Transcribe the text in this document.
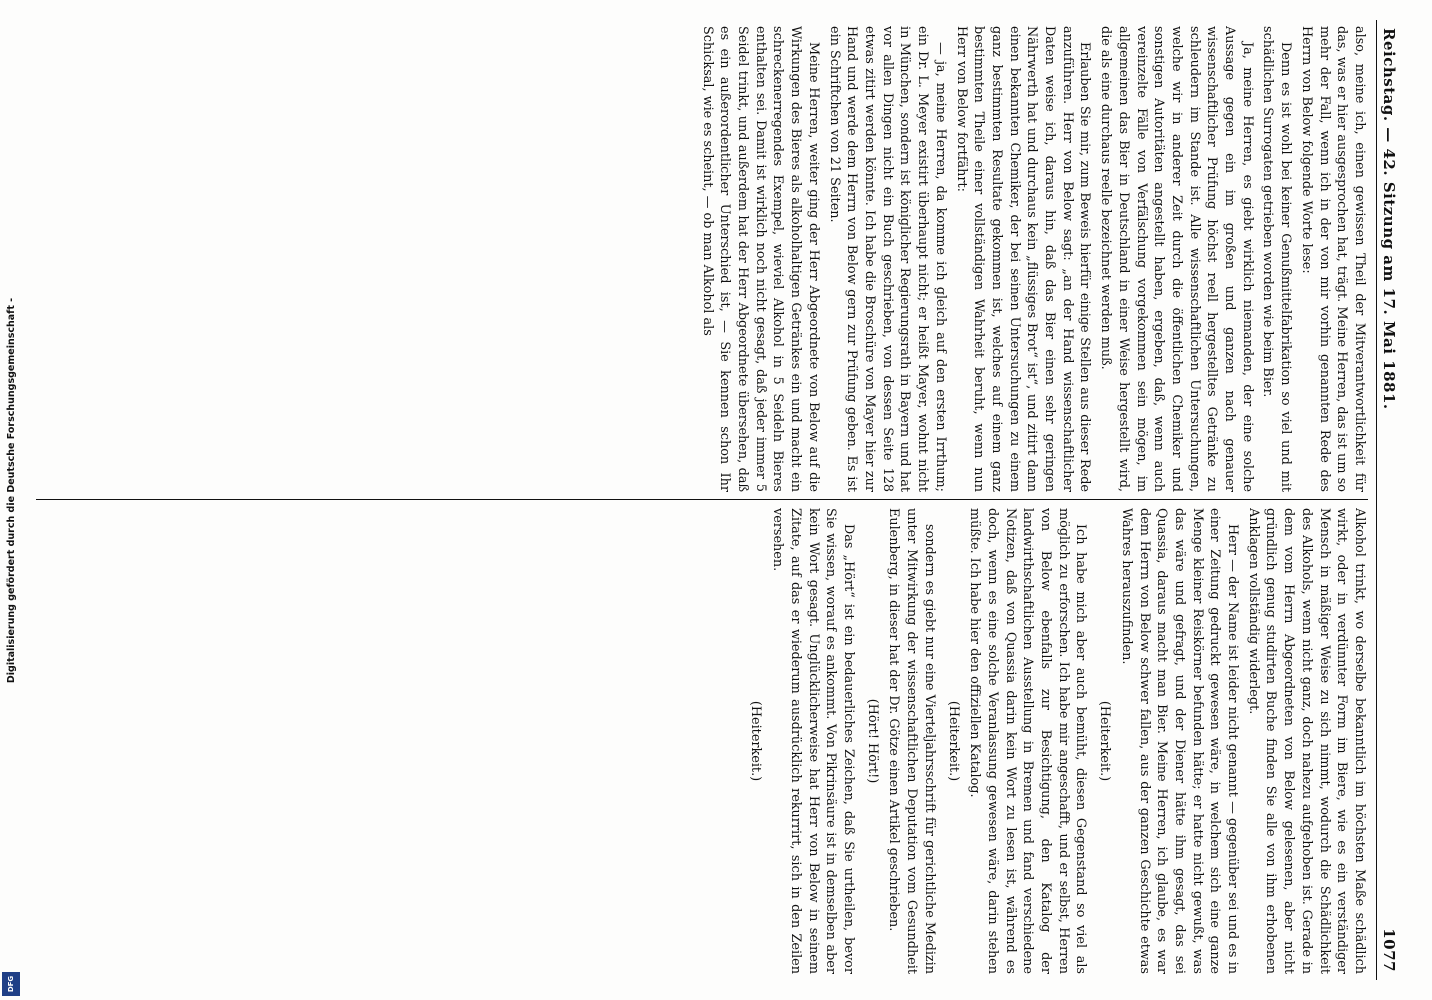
Reichstag. — 42. Sitzung am 17. Mai 1881.
1077

also, meine ich, einen gewissen Theil der Mitverantwortlichkeit für das, was er hier ausgesprochen hat, trägt. Meine Herren, das ist um so mehr der Fall, wenn ich in der von mir vorhin genannten Rede des Herrn von Below folgende Worte lese:

Denn es ist wohl bei keiner Genußmittelfabrikation so viel und mit schädlichen Surrogaten getrieben worden wie beim Bier.

Ja, meine Herren, es giebt wirklich niemanden, der eine solche Aussage gegen ein im großen und ganzen nach genauer wissenschaftlicher Prüfung höchst reell hergestelltes Getränke zu schleudern im Stande ist. Alle wissenschaftlichen Untersuchungen, welche wir in anderer Zeit durch die öffentlichen Chemiker und sonstigen Autoritäten angestellt haben, ergeben, daß, wenn auch vereinzelte Fälle von Verfälschung vorgekommen sein mögen, im allgemeinen das Bier in Deutschland in einer Weise hergestellt wird, die als eine durchaus reelle bezeichnet werden muß.

Erlauben Sie mir, zum Beweis hierfür einige Stellen aus dieser Rede anzuführen. Herr von Below sagt: „an der Hand wissenschaftlicher Daten weise ich, daraus hin, daß das Bier einen sehr geringen Nährwerth hat und durchaus kein „flüssiges Brot“ ist“, und zitirt dann einen bekannten Chemiker, der bei seinen Untersuchungen zu einem ganz bestimmten Resultate gekommen ist, welches auf einem ganz bestimmten Theile einer vollständigen Wahrheit beruht, wenn nun Herr von Below fortfährt:

— ja, meine Herren, da komme ich gleich auf den ersten Irrthum; ein Dr. L. Meyer existirt überhaupt nicht; er heißt Mayer, wohnt nicht in München, sondern ist königlicher Regierungsrath in Bayern und hat vor allen Dingen nicht ein Buch geschrieben, von dessen Seite 128 etwas zitirt werden könnte. Ich habe die Broschüre von Mayer hier zur Hand und werde dem Herrn von Below gern zur Prüfung geben. Es ist ein Schriftchen von 21 Seiten.

Meine Herren, weiter ging der Herr Abgeordnete von Below auf die Wirkungen des Bieres als alkoholhaltigen Getränkes ein und macht ein schreckenerregendes Exempel, wieviel Alkohol in 5 Seideln Bieres enthalten sei. Damit ist wirklich noch nicht gesagt, daß jeder immer 5 Seidel trinkt, und außerdem hat der Herr Abgeordnete übersehen, daß es ein außerordentlicher Unterschied ist, — Sie kennen schon Ihr Schicksal, wie es scheint, — ob man Alkohol als

Alkohol trinkt, wo derselbe bekanntlich im höchsten Maße schädlich wirkt, oder in verdünnter Form im Biere, wie es ein verständiger Mensch in mäßiger Weise zu sich nimmt, wodurch die Schädlichkeit des Alkohols, wenn nicht ganz, doch nahezu aufgehoben ist. Gerade in dem vom Herrn Abgeordneten von Below gelesenen, aber nicht gründlich genug studirten Buche finden Sie alle von ihm erhobenen Anklagen vollständig widerlegt.

Herr — der Name ist leider nicht genannt — gegenüber sei und es in einer Zeitung gedruckt gewesen wäre, in welchem sich eine ganze Menge kleiner Reiskörner befunden hätte; er hatte nicht gewußt, was das wäre und gefragt, und der Diener hätte ihm gesagt, das sei Quassia, daraus macht man Bier. Meine Herren, ich glaube, es war dem Herrn von Below schwer fallen, aus der ganzen Geschichte etwas Wahres herauszufinden.

(Heiterkeit.)

Ich habe mich aber auch bemüht, diesen Gegenstand so viel als möglich zu erforschen. Ich habe mir angeschafft, und er selbst, Herren von Below ebenfalls zur Besichtigung, den Katalog der landwirthschaftlichen Ausstellung in Bremen und fand verschiedene Notizen, daß von Quassia darin kein Wort zu lesen ist, während es doch, wenn es eine solche Veranlassung gewesen wäre, darin stehen müßte. Ich habe hier den offiziellen Katalog.

(Heiterkeit.)

sondern es giebt nur eine Vierteljahrsschrift für gerichtliche Medizin unter Mitwirkung der wissenschaftlichen Deputation vom Gesundheit Eulenberg, in dieser hat der Dr. Götze einen Artikel geschrieben.

(Hört! Hört!)

Das „Hört“ ist ein bedauerliches Zeichen, daß Sie urtheilen, bevor Sie wissen, worauf es ankommt. Von Pikrinsäure ist in demselben aber kein Wort gesagt. Unglücklicherweise hat Herr von Below in seinem Zitate, auf das er wiederum ausdrücklich rekurrirt, sich in den Zeilen versehen.

(Heiterkeit.)

Digitalisierung gefördert durch die Deutsche Forschungsgemeinschaft -
DFG
